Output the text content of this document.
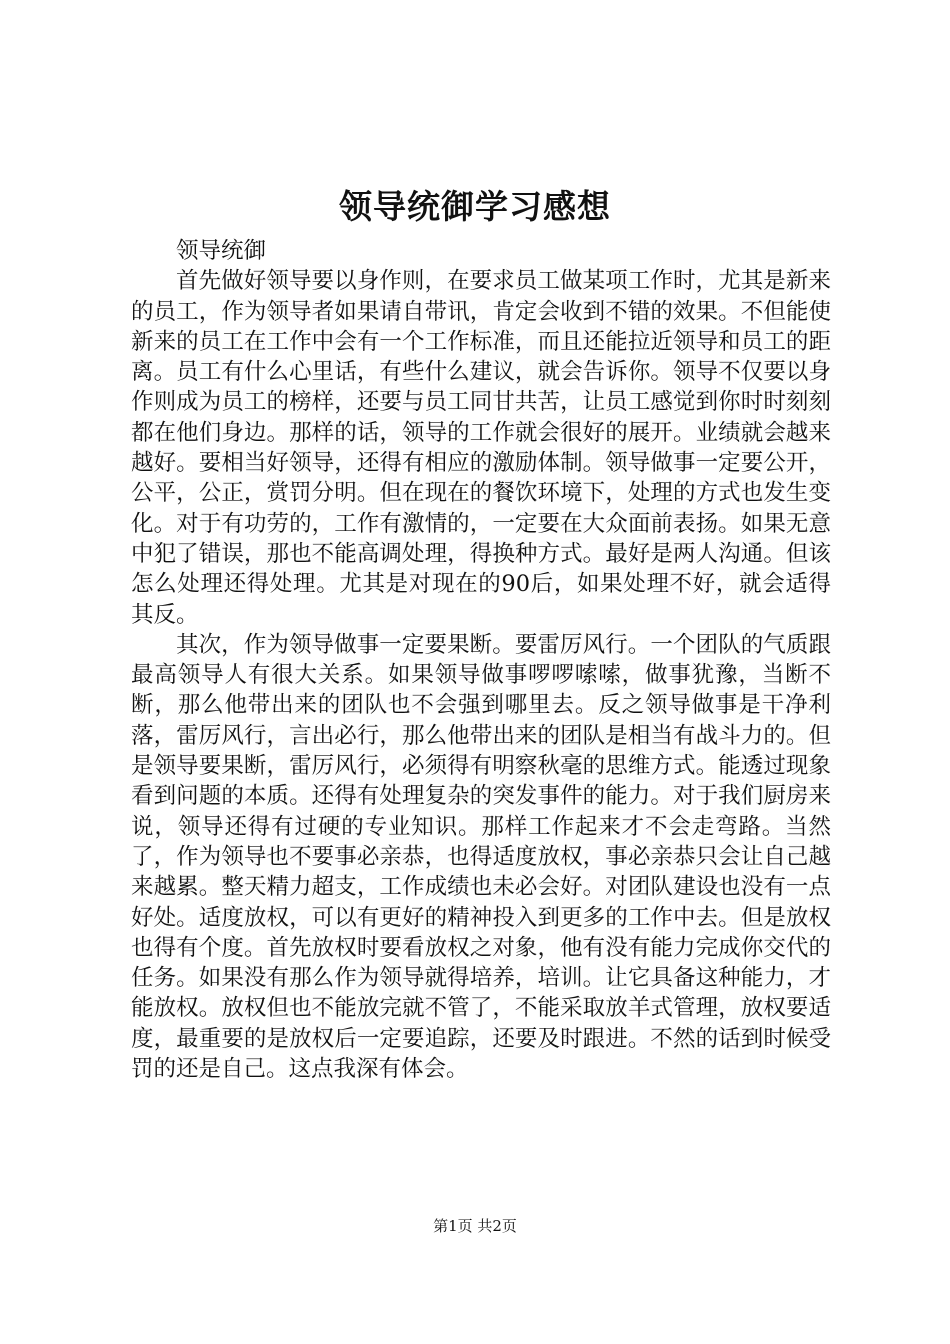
领导统御学习感想

领导统御

首先做好领导要以身作则，在要求员工做某项工作时，尤其是新来的员工，作为领导者如果请自带讯，肯定会收到不错的效果。不但能使新来的员工在工作中会有一个工作标准，而且还能拉近领导和员工的距离。员工有什么心里话，有些什么建议，就会告诉你。领导不仅要以身作则成为员工的榜样，还要与员工同甘共苦，让员工感觉到你时时刻刻都在他们身边。那样的话，领导的工作就会很好的展开。业绩就会越来越好。要相当好领导，还得有相应的激励体制。领导做事一定要公开，公平，公正，赏罚分明。但在现在的餐饮环境下，处理的方式也发生变化。对于有功劳的，工作有激情的，一定要在大众面前表扬。如果无意中犯了错误，那也不能高调处理，得换种方式。最好是两人沟通。但该怎么处理还得处理。尤其是对现在的90后，如果处理不好，就会适得其反。

其次，作为领导做事一定要果断。要雷厉风行。一个团队的气质跟最高领导人有很大关系。如果领导做事啰啰嗦嗦，做事犹豫，当断不断，那么他带出来的团队也不会强到哪里去。反之领导做事是干净利落，雷厉风行，言出必行，那么他带出来的团队是相当有战斗力的。但是领导要果断，雷厉风行，必须得有明察秋毫的思维方式。能透过现象看到问题的本质。还得有处理复杂的突发事件的能力。对于我们厨房来说，领导还得有过硬的专业知识。那样工作起来才不会走弯路。当然了，作为领导也不要事必亲恭，也得适度放权，事必亲恭只会让自己越来越累。整天精力超支，工作成绩也未必会好。对团队建设也没有一点好处。适度放权，可以有更好的精神投入到更多的工作中去。但是放权也得有个度。首先放权时要看放权之对象，他有没有能力完成你交代的任务。如果没有那么作为领导就得培养，培训。让它具备这种能力，才能放权。放权但也不能放完就不管了，不能采取放羊式管理，放权要适度，最重要的是放权后一定要追踪，还要及时跟进。不然的话到时候受罚的还是自己。这点我深有体会。

第1页 共2页
